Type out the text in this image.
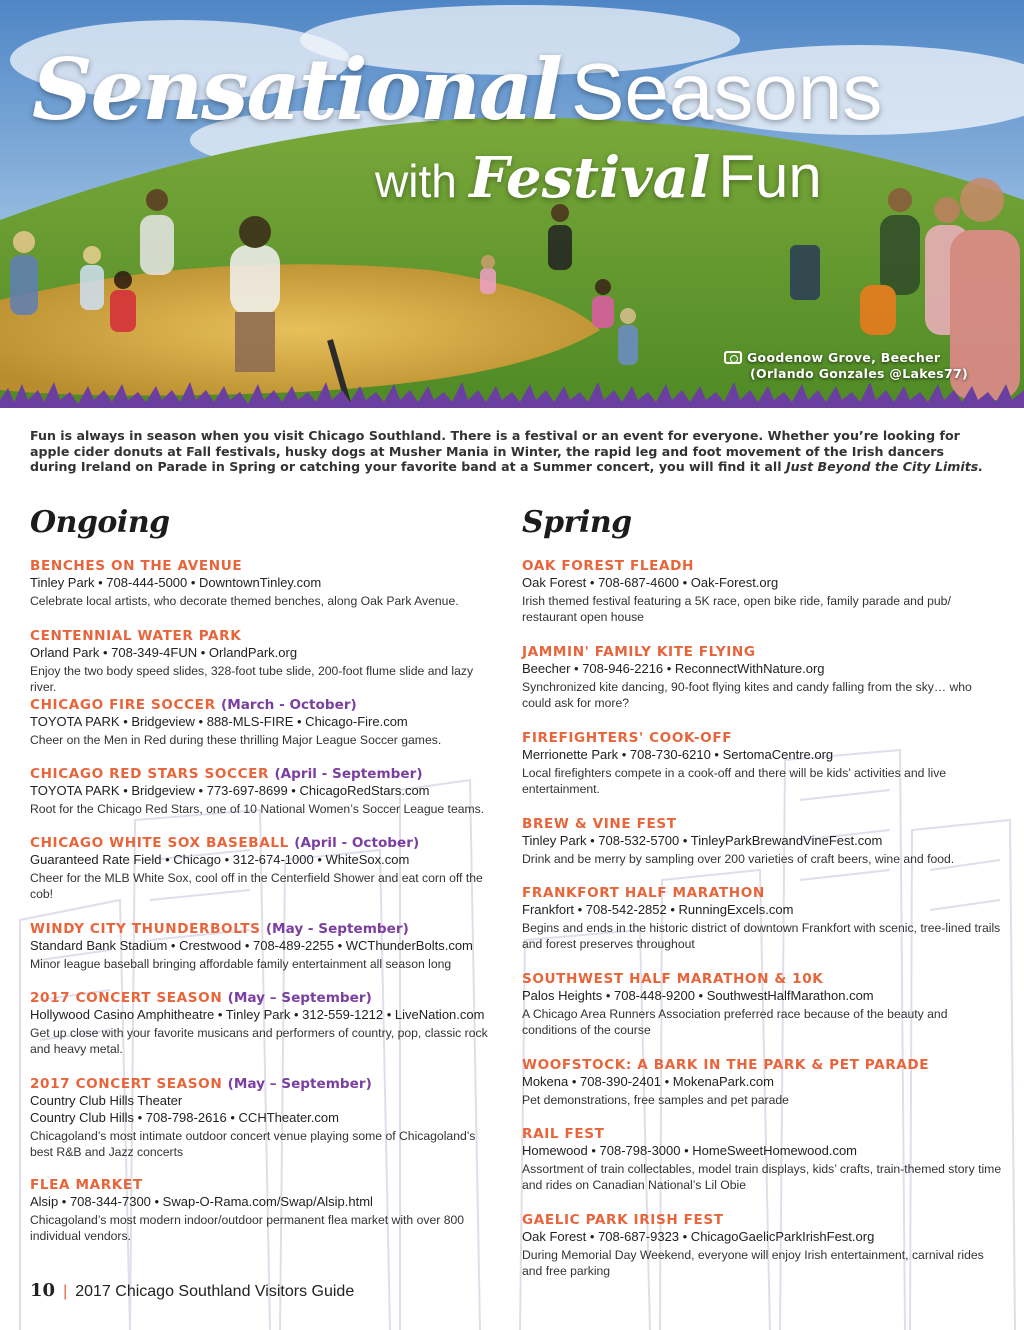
Sensational Seasons
with Festival Fun
Goodenow Grove, Beecher
(Orlando Gonzales @Lakes77)

Fun is always in season when you visit Chicago Southland. There is a festival or an event for everyone. Whether you’re looking for apple cider donuts at Fall festivals, husky dogs at Musher Mania in Winter, the rapid leg and foot movement of the Irish dancers during Ireland on Parade in Spring or catching your favorite band at a Summer concert, you will find it all Just Beyond the City Limits.

Ongoing
BENCHES ON THE AVENUE
Tinley Park • 708-444-5000 • DowntownTinley.com
Celebrate local artists, who decorate themed benches, along Oak Park Avenue.
CENTENNIAL WATER PARK
Orland Park • 708-349-4FUN • OrlandPark.org
Enjoy the two body speed slides, 328-foot tube slide, 200-foot flume slide and lazy river.
CHICAGO FIRE SOCCER (March - October)
TOYOTA PARK • Bridgeview • 888-MLS-FIRE • Chicago-Fire.com
Cheer on the Men in Red during these thrilling Major League Soccer games.
CHICAGO RED STARS SOCCER (April - September)
TOYOTA PARK • Bridgeview • 773-697-8699 • ChicagoRedStars.com
Root for the Chicago Red Stars, one of 10 National Women’s Soccer League teams.
CHICAGO WHITE SOX BASEBALL (April - October)
Guaranteed Rate Field • Chicago • 312-674-1000 • WhiteSox.com
Cheer for the MLB White Sox, cool off in the Centerfield Shower and eat corn off the cob!
WINDY CITY THUNDERBOLTS (May - September)
Standard Bank Stadium • Crestwood • 708-489-2255 • WCThunderBolts.com
Minor league baseball bringing affordable family entertainment all season long
2017 CONCERT SEASON (May – September)
Hollywood Casino Amphitheatre • Tinley Park • 312-559-1212 • LiveNation.com
Get up close with your favorite musicans and performers of country, pop, classic rock and heavy metal.
2017 CONCERT SEASON (May – September)
Country Club Hills Theater
Country Club Hills • 708-798-2616 • CCHTheater.com
Chicagoland’s most intimate outdoor concert venue playing some of Chicagoland’s best R&B and Jazz concerts
FLEA MARKET
Alsip • 708-344-7300 • Swap-O-Rama.com/Swap/Alsip.html
Chicagoland’s most modern indoor/outdoor permanent flea market with over 800 individual vendors.
Spring
OAK FOREST FLEADH
Oak Forest • 708-687-4600 • Oak-Forest.org
Irish themed festival featuring a 5K race, open bike ride, family parade and pub/ restaurant open house
JAMMIN' FAMILY KITE FLYING
Beecher • 708-946-2216 • ReconnectWithNature.org
Synchronized kite dancing, 90-foot flying kites and candy falling from the sky… who could ask for more?
FIREFIGHTERS' COOK-OFF
Merrionette Park • 708-730-6210 • SertomaCentre.org
Local firefighters compete in a cook-off and there will be kids’ activities and live entertainment.
BREW & VINE FEST
Tinley Park • 708-532-5700 • TinleyParkBrewandVineFest.com
Drink and be merry by sampling over 200 varieties of craft beers, wine and food.
FRANKFORT HALF MARATHON
Frankfort • 708-542-2852 • RunningExcels.com
Begins and ends in the historic district of downtown Frankfort with scenic, tree-lined trails and forest preserves throughout
SOUTHWEST HALF MARATHON & 10K
Palos Heights • 708-448-9200 • SouthwestHalfMarathon.com
A Chicago Area Runners Association preferred race because of the beauty and conditions of the course
WOOFSTOCK: A BARK IN THE PARK & PET PARADE
Mokena • 708-390-2401 • MokenaPark.com
Pet demonstrations, free samples and pet parade
RAIL FEST
Homewood • 708-798-3000 • HomeSweetHomewood.com
Assortment of train collectables, model train displays, kids’ crafts, train-themed story time and rides on Canadian National’s Lil Obie
GAELIC PARK IRISH FEST
Oak Forest • 708-687-9323 • ChicagoGaelicParkIrishFest.org
During Memorial Day Weekend, everyone will enjoy Irish entertainment, carnival rides and free parking
10 | 2017 Chicago Southland Visitors Guide
